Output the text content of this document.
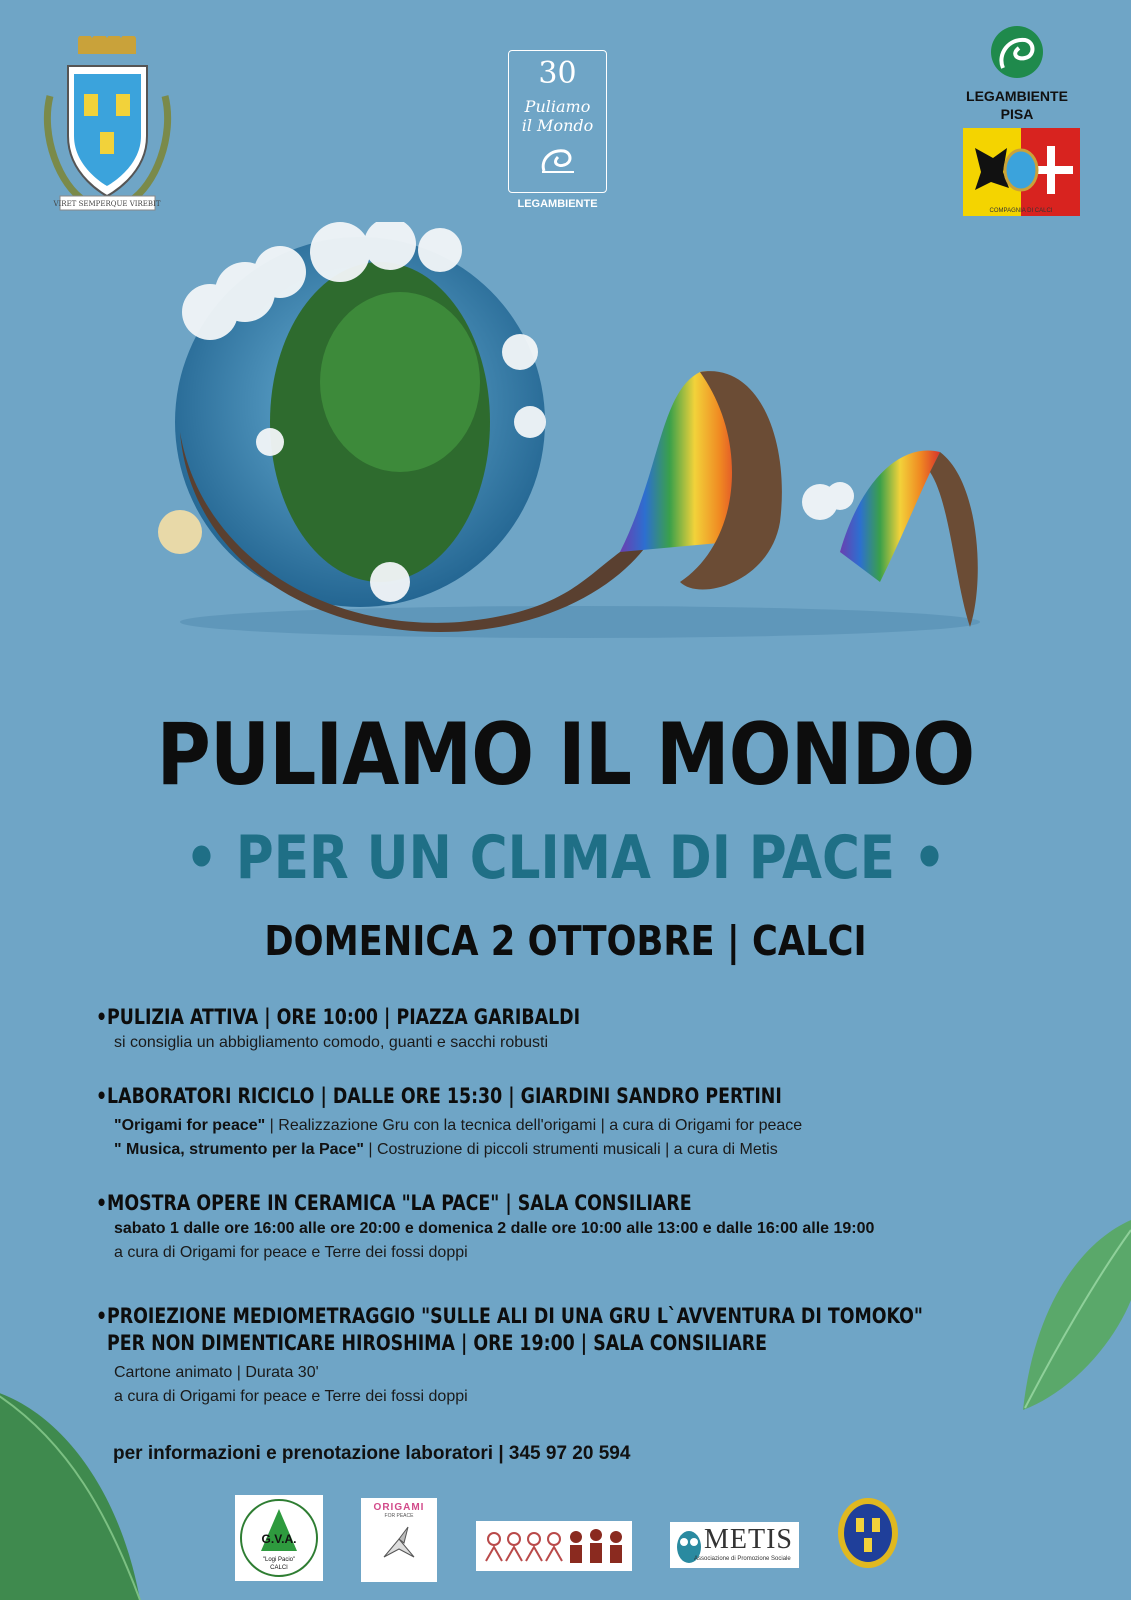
VIRET SEMPERQUE VIREBIT
30
Puliamo
il Mondo
LEGAMBIENTE
LEGAMBIENTE
PISA
COMPAGNIA DI CALCI
PULIAMO IL MONDO
• PER UN CLIMA DI PACE •
DOMENICA 2 OTTOBRE | CALCI
•PULIZIA ATTIVA | ORE 10:00 | PIAZZA GARIBALDI
si consiglia un abbigliamento comodo, guanti e sacchi robusti
•LABORATORI RICICLO | DALLE ORE 15:30 | GIARDINI SANDRO PERTINI
"Origami for peace" | Realizzazione Gru con la tecnica dell'origami | a cura di Origami for peace
" Musica, strumento per la Pace" | Costruzione di piccoli strumenti musicali | a cura di Metis
•MOSTRA OPERE IN CERAMICA "LA PACE" | SALA CONSILIARE
sabato 1 dalle ore 16:00 alle ore 20:00 e domenica 2 dalle ore 10:00 alle 13:00 e dalle 16:00 alle 19:00
a cura di Origami for peace e Terre dei fossi doppi
•PROIEZIONE MEDIOMETRAGGIO "SULLE ALI DI UNA GRU L`AVVENTURA DI TOMOKO"
PER NON DIMENTICARE HIROSHIMA | ORE 19:00 | SALA CONSILIARE
Cartone animato | Durata 30'
a cura di Origami for peace e Terre dei fossi doppi
per informazioni e prenotazione laboratori | 345 97 20 594
G.V.A.
"Logi Pacio"
CALCI
ORIGAMI
FOR PEACE
METIS
Associazione di Promozione Sociale
